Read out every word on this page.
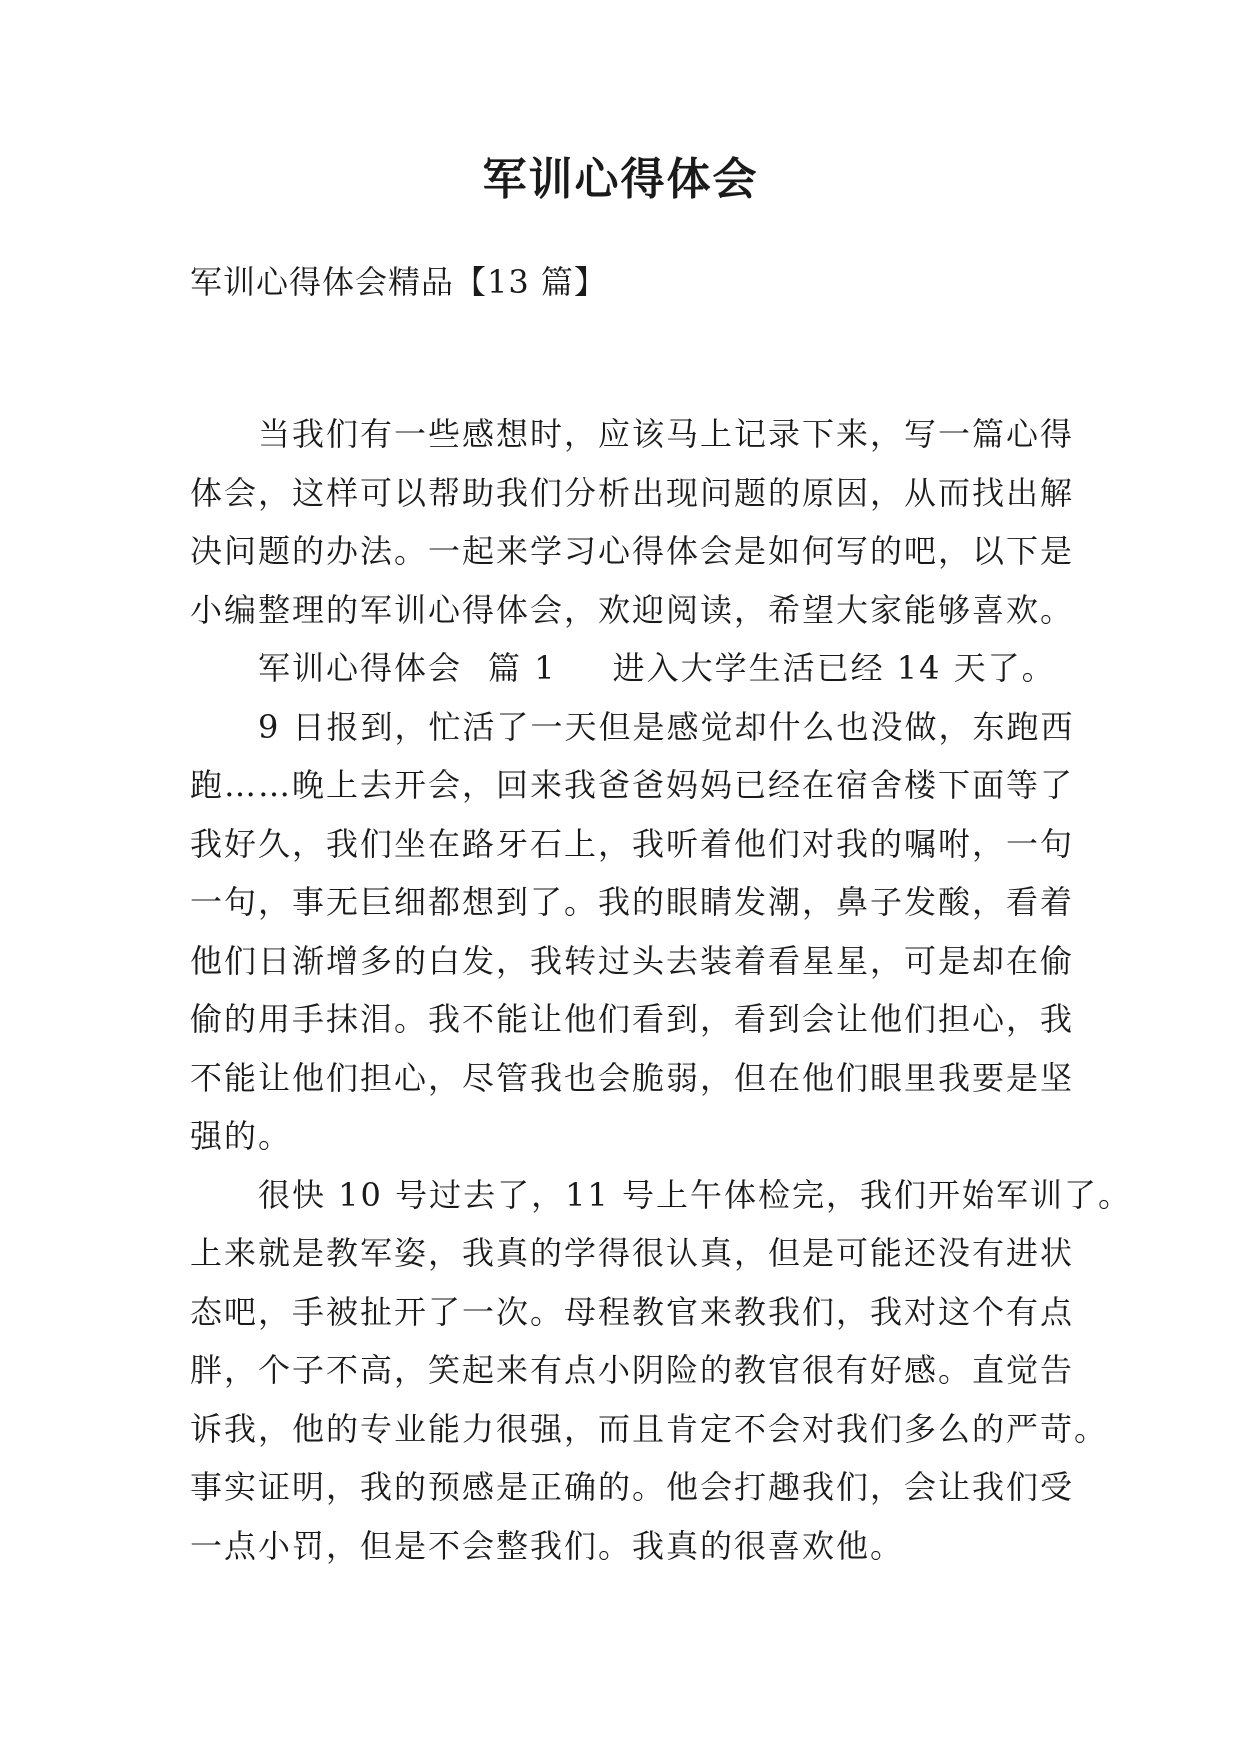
军训心得体会

军训心得体会精品【13 篇】

当我们有一些感想时，应该马上记录下来，写一篇心得

体会，这样可以帮助我们分析出现问题的原因，从而找出解

决问题的办法。一起来学习心得体会是如何写的吧，以下是

小编整理的军训心得体会，欢迎阅读，希望大家能够喜欢。

军训心得体会 篇 1 进入大学生活已经 14 天了。

9 日报到，忙活了一天但是感觉却什么也没做，东跑西

跑……晚上去开会，回来我爸爸妈妈已经在宿舍楼下面等了

我好久，我们坐在路牙石上，我听着他们对我的嘱咐，一句

一句，事无巨细都想到了。我的眼睛发潮，鼻子发酸，看着

他们日渐增多的白发，我转过头去装着看星星，可是却在偷

偷的用手抹泪。我不能让他们看到，看到会让他们担心，我

不能让他们担心，尽管我也会脆弱，但在他们眼里我要是坚

强的。

很快 10 号过去了，11 号上午体检完，我们开始军训了。

上来就是教军姿，我真的学得很认真，但是可能还没有进状

态吧，手被扯开了一次。母程教官来教我们，我对这个有点

胖，个子不高，笑起来有点小阴险的教官很有好感。直觉告

诉我，他的专业能力很强，而且肯定不会对我们多么的严苛。

事实证明，我的预感是正确的。他会打趣我们，会让我们受

一点小罚，但是不会整我们。我真的很喜欢他。
